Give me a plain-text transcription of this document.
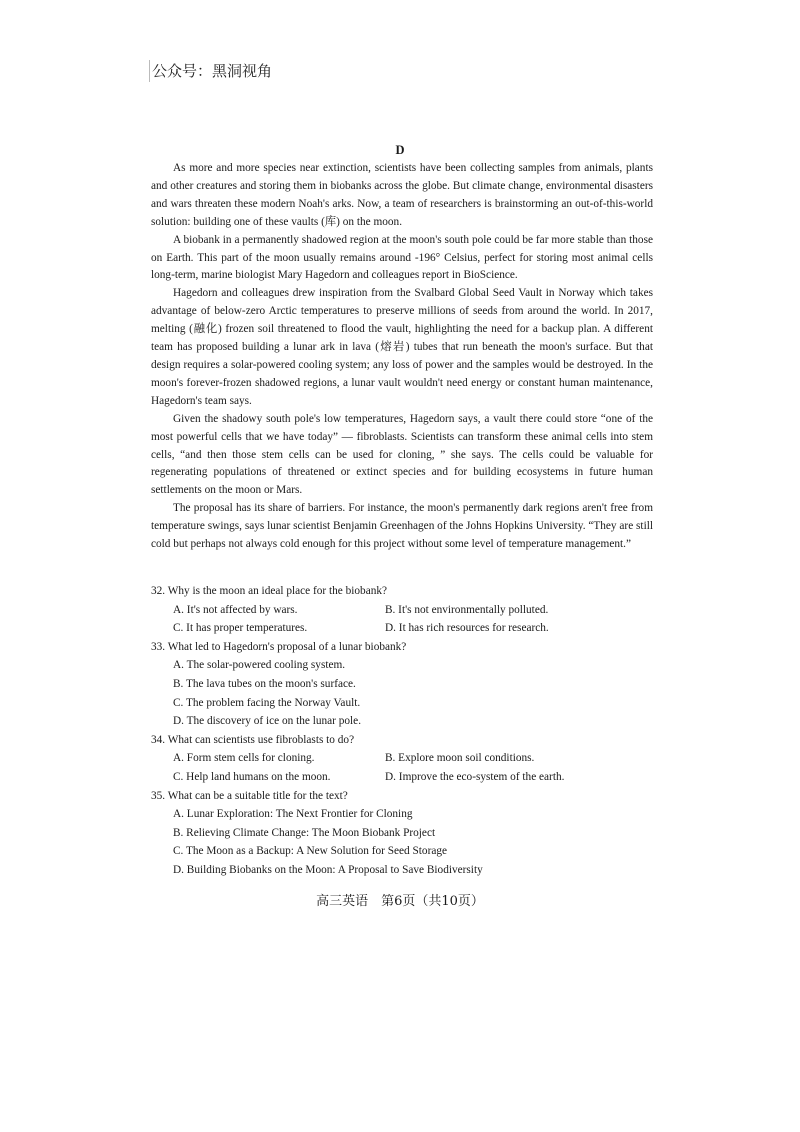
公众号：黑洞视角
D

As more and more species near extinction, scientists have been collecting samples from animals, plants and other creatures and storing them in biobanks across the globe. But climate change, environmental disasters and wars threaten these modern Noah's arks. Now, a team of researchers is brainstorming an out-of-this-world solution: building one of these vaults (库) on the moon.

A biobank in a permanently shadowed region at the moon's south pole could be far more stable than those on Earth. This part of the moon usually remains around -196° Celsius, perfect for storing most animal cells long-term, marine biologist Mary Hagedorn and colleagues report in BioScience.

Hagedorn and colleagues drew inspiration from the Svalbard Global Seed Vault in Norway which takes advantage of below-zero Arctic temperatures to preserve millions of seeds from around the world. In 2017, melting (融化) frozen soil threatened to flood the vault, highlighting the need for a backup plan. A different team has proposed building a lunar ark in lava (熔岩) tubes that run beneath the moon's surface. But that design requires a solar-powered cooling system; any loss of power and the samples would be destroyed. In the moon's forever-frozen shadowed regions, a lunar vault wouldn't need energy or constant human maintenance, Hagedorn's team says.

Given the shadowy south pole's low temperatures, Hagedorn says, a vault there could store “one of the most powerful cells that we have today” — fibroblasts. Scientists can transform these animal cells into stem cells, “and then those stem cells can be used for cloning, ” she says. The cells could be valuable for regenerating populations of threatened or extinct species and for building ecosystems in future human settlements on the moon or Mars.

The proposal has its share of barriers. For instance, the moon's permanently dark regions aren't free from temperature swings, says lunar scientist Benjamin Greenhagen of the Johns Hopkins University. “They are still cold but perhaps not always cold enough for this project without some level of temperature management.”

32. Why is the moon an ideal place for the biobank?
A. It's not affected by wars.	B. It's not environmentally polluted.
C. It has proper temperatures.	D. It has rich resources for research.
33. What led to Hagedorn's proposal of a lunar biobank?
A. The solar-powered cooling system.
B. The lava tubes on the moon's surface.
C. The problem facing the Norway Vault.
D. The discovery of ice on the lunar pole.
34. What can scientists use fibroblasts to do?
A. Form stem cells for cloning.	B. Explore moon soil conditions.
C. Help land humans on the moon.	D. Improve the eco-system of the earth.
35. What can be a suitable title for the text?
A. Lunar Exploration: The Next Frontier for Cloning
B. Relieving Climate Change: The Moon Biobank Project
C. The Moon as a Backup: A New Solution for Seed Storage
D. Building Biobanks on the Moon: A Proposal to Save Biodiversity
高三英语　第6页（共10页）
